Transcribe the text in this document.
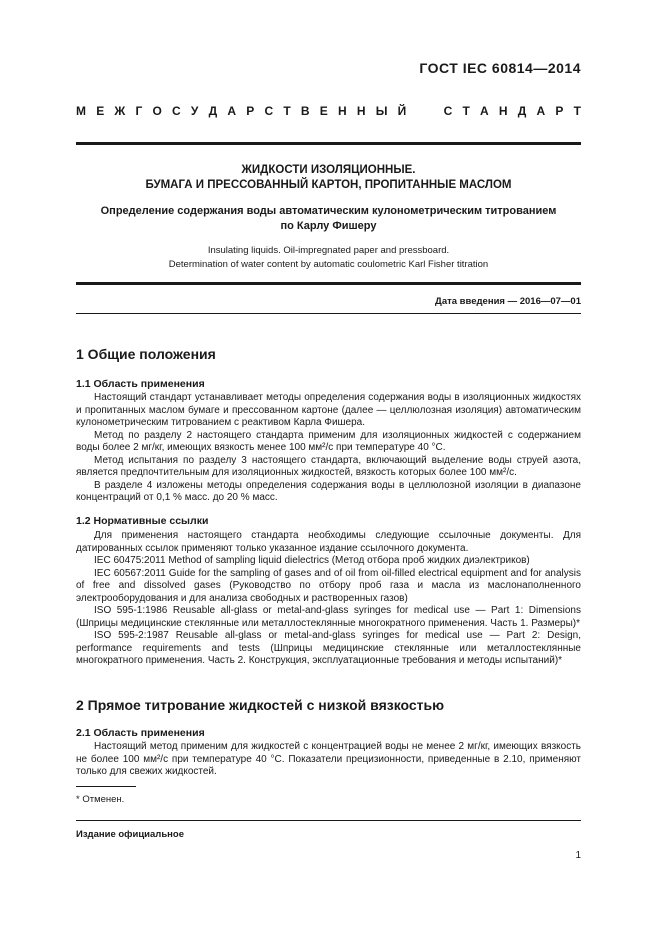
ГОСТ IEC 60814—2014
М Е Ж Г О С У Д А Р С Т В Е Н Н Ы Й

	С Т А Н Д А Р Т
ЖИДКОСТИ ИЗОЛЯЦИОННЫЕ.
БУМАГА И ПРЕССОВАННЫЙ КАРТОН, ПРОПИТАННЫЕ МАСЛОМ
Определение содержания воды автоматическим кулонометрическим титрованием
по Карлу Фишеру
Insulating liquids. Oil-impregnated paper and pressboard.
Determination of water content by automatic coulometric Karl Fisher titration
Дата введения — 2016—07—01
1 Общие положения
1.1 Область применения
Настоящий стандарт устанавливает методы определения содержания воды в изоляционных жидкостях и пропитанных маслом бумаге и прессованном картоне (далее — целлюлозная изоляция) автоматическим кулонометрическим титрованием с реактивом Карла Фишера.
Метод по разделу 2 настоящего стандарта применим для изоляционных жидкостей с содержанием воды более 2 мг/кг, имеющих вязкость менее 100 мм²/с при температуре 40 °С.
Метод испытания по разделу 3 настоящего стандарта, включающий выделение воды струей азота, является предпочтительным для изоляционных жидкостей, вязкость которых более 100 мм²/с.
В разделе 4 изложены методы определения содержания воды в целлюлозной изоляции в диапазоне концентраций от 0,1 % масс. до 20 % масс.
1.2 Нормативные ссылки
Для применения настоящего стандарта необходимы следующие ссылочные документы. Для датированных ссылок применяют только указанное издание ссылочного документа.
IEC 60475:2011 Method of sampling liquid dielectrics (Метод отбора проб жидких диэлектриков)
IEC 60567:2011 Guide for the sampling of gases and of oil from oil-filled electrical equipment and for analysis of free and dissolved gases (Руководство по отбору проб газа и масла из маслонаполненного электрооборудования и для анализа свободных и растворенных газов)
ISO 595-1:1986 Reusable all-glass or metal-and-glass syringes for medical use — Part 1: Dimensions (Шприцы медицинские стеклянные или металлостеклянные многократного применения. Часть 1. Размеры)*
ISO 595-2:1987 Reusable all-glass or metal-and-glass syringes for medical use — Part 2: Design, performance requirements and tests (Шприцы медицинские стеклянные или металлостеклянные многократного применения. Часть 2. Конструкция, эксплуатационные требования и методы испытаний)*
2 Прямое титрование жидкостей с низкой вязкостью
2.1 Область применения
Настоящий метод применим для жидкостей с концентрацией воды не менее 2 мг/кг, имеющих вязкость не более 100 мм²/с при температуре 40 °С. Показатели прецизионности, приведенные в 2.10, применяют только для свежих жидкостей.
* Отменен.
Издание официальное
1
